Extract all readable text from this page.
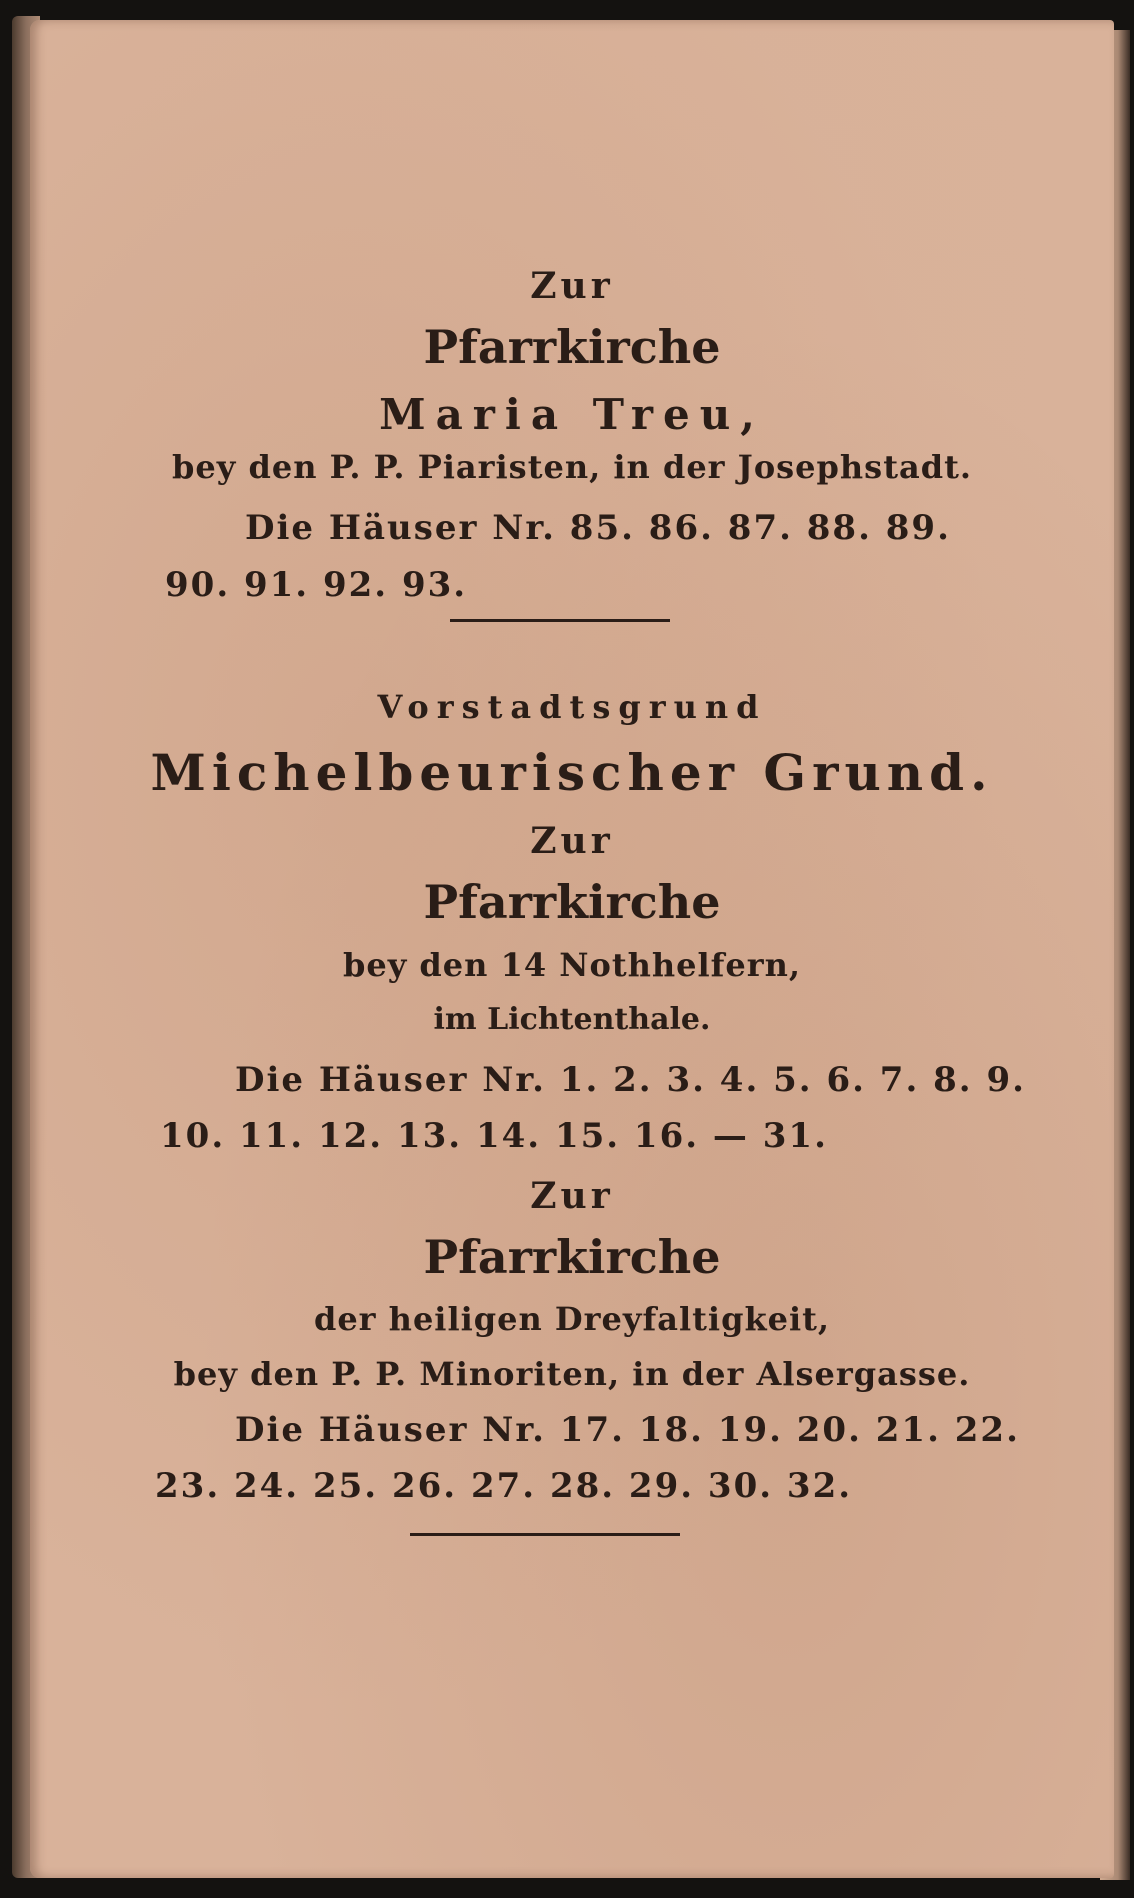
Zur
Pfarrkirche
Maria Treu,
bey den P. P. Piaristen, in der Josephstadt.
Die Häuser Nr. 85. 86. 87. 88. 89.
90. 91. 92. 93.
Vorstadtsgrund
Michelbeurischer Grund.
Zur
Pfarrkirche
bey den 14 Nothhelfern,
im Lichtenthale.
Die Häuser Nr. 1. 2. 3. 4. 5. 6. 7. 8. 9.
10. 11. 12. 13. 14. 15. 16. — 31.
Zur
Pfarrkirche
der heiligen Dreyfaltigkeit,
bey den P. P. Minoriten, in der Alsergasse.
Die Häuser Nr. 17. 18. 19. 20. 21. 22.
23. 24. 25. 26. 27. 28. 29. 30. 32.
